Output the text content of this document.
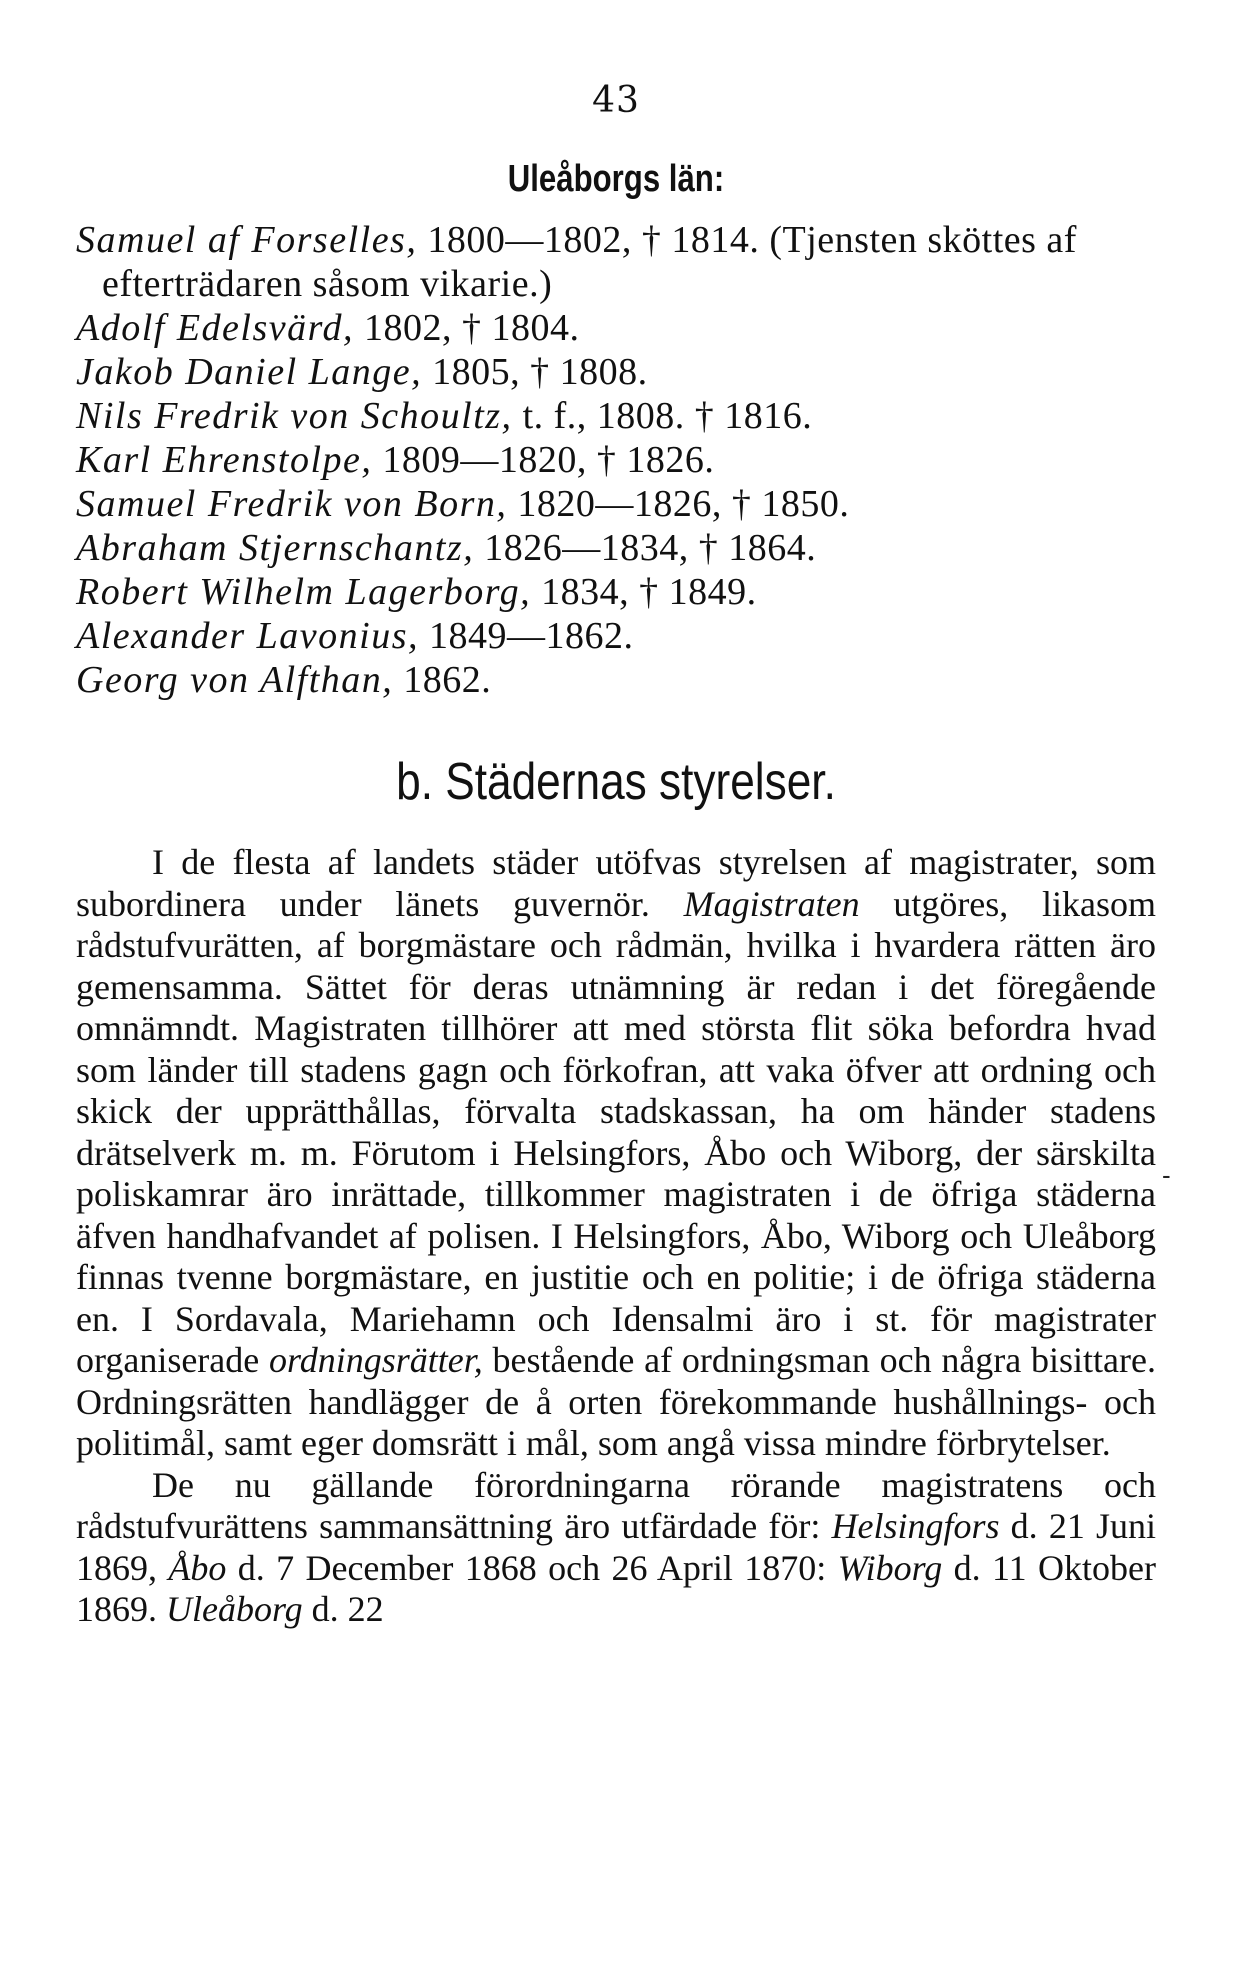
43
Uleåborgs län:
Samuel af Forselles, 1800—1802, † 1814. (Tjensten sköttes af efterträdaren såsom vikarie.)
Adolf Edelsvärd, 1802, † 1804.
Jakob Daniel Lange, 1805, † 1808.
Nils Fredrik von Schoultz, t. f., 1808. † 1816.
Karl Ehrenstolpe, 1809—1820, † 1826.
Samuel Fredrik von Born, 1820—1826, † 1850.
Abraham Stjernschantz, 1826—1834, † 1864.
Robert Wilhelm Lagerborg, 1834, † 1849.
Alexander Lavonius, 1849—1862.
Georg von Alfthan, 1862.
b. Städernas styrelser.

I de flesta af landets städer utöfvas styrelsen af magistrater, som subordinera under länets guvernör. Magistraten utgöres, likasom rådstufvurätten, af borgmästare och rådmän, hvilka i hvardera rätten äro gemensamma. Sättet för deras utnämning är redan i det föregående omnämndt. Magistraten tillhörer att med största flit söka befordra hvad som länder till stadens gagn och förkofran, att vaka öfver att ordning och skick der upprätthållas, förvalta stadskassan, ha om händer stadens drätselverk m. m. Förutom i Helsingfors, Åbo och Wiborg, der särskilta poliskamrar äro inrättade, tillkommer magistraten i de öfriga städerna äfven handhafvandet af polisen. I Helsingfors, Åbo, Wiborg och Uleåborg finnas tvenne borgmästare, en justitie och en politie; i de öfriga städerna en. I Sordavala, Mariehamn och Idensalmi äro i st. för magistrater organiserade ordningsrätter, bestående af ordningsman och några bisittare. Ordningsrätten handlägger de å orten förekommande hushållnings- och politimål, samt eger domsrätt i mål, som angå vissa mindre förbrytelser.

De nu gällande förordningarna rörande magistratens och rådstufvurättens sammansättning äro utfärdade för: Helsingfors d. 21 Juni 1869, Åbo d. 7 December 1868 och 26 April 1870: Wiborg d. 11 Oktober 1869. Uleåborg d. 22

-
